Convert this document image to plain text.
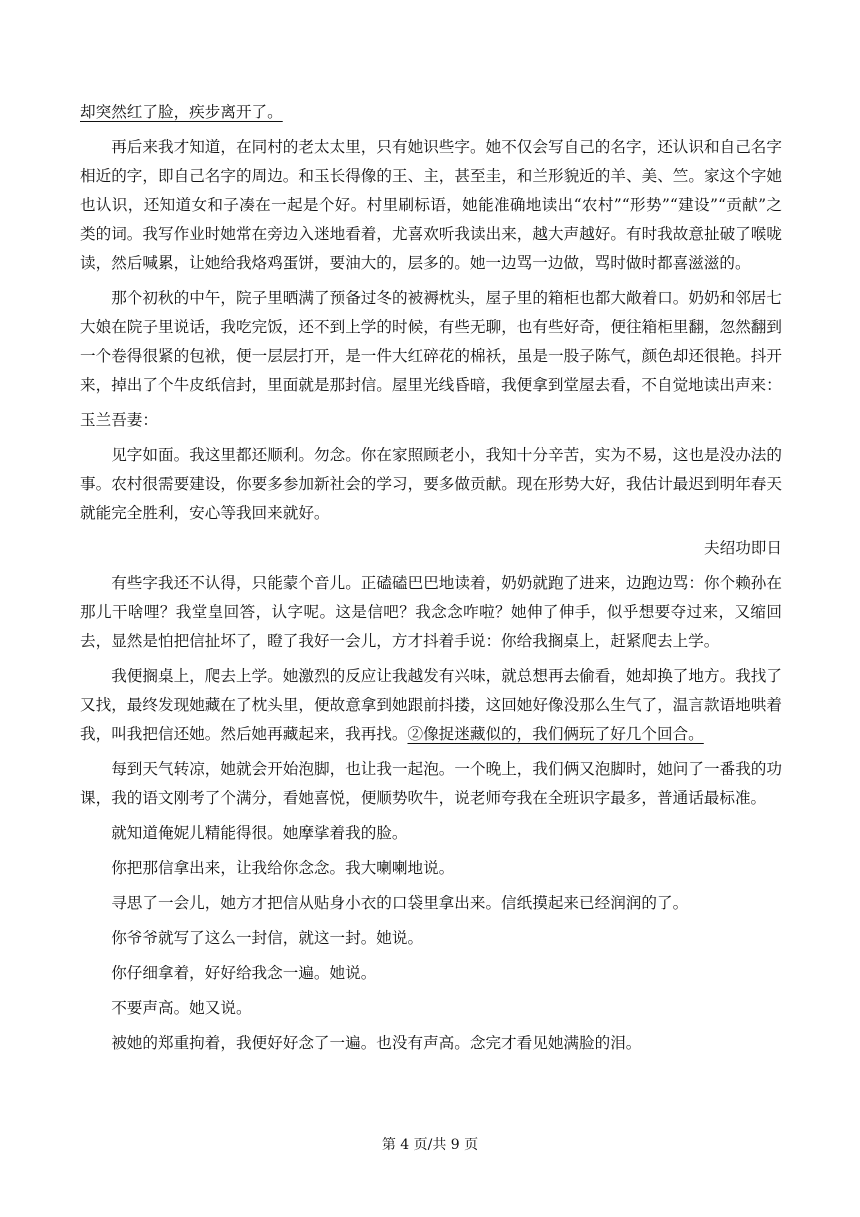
却突然红了脸，疾步离开了。

再后来我才知道，在同村的老太太里，只有她识些字。她不仅会写自己的名字，还认识和自己名字相近的字，即自己名字的周边。和玉长得像的王、主，甚至圭，和兰形貌近的羊、美、竺。家这个字她也认识，还知道女和子凑在一起是个好。村里刷标语，她能准确地读出“农村”“形势”“建设”“贡献”之类的词。我写作业时她常在旁边入迷地看着，尤喜欢听我读出来，越大声越好。有时我故意扯破了喉咙读，然后喊累，让她给我烙鸡蛋饼，要油大的，层多的。她一边骂一边做，骂时做时都喜滋滋的。

那个初秋的中午，院子里晒满了预备过冬的被褥枕头，屋子里的箱柜也都大敞着口。奶奶和邻居七大娘在院子里说话，我吃完饭，还不到上学的时候，有些无聊，也有些好奇，便往箱柜里翻，忽然翻到一个卷得很紧的包袱，便一层层打开，是一件大红碎花的棉袄，虽是一股子陈气，颜色却还很艳。抖开来，掉出了个牛皮纸信封，里面就是那封信。屋里光线昏暗，我便拿到堂屋去看，不自觉地读出声来：

玉兰吾妻：

见字如面。我这里都还顺利。勿念。你在家照顾老小，我知十分辛苦，实为不易，这也是没办法的事。农村很需要建设，你要多参加新社会的学习，要多做贡献。现在形势大好，我估计最迟到明年春天就能完全胜利，安心等我回来就好。

夫绍功即日

有些字我还不认得，只能蒙个音儿。正磕磕巴巴地读着，奶奶就跑了进来，边跑边骂：你个赖孙在那儿干啥哩？我堂皇回答，认字呢。这是信吧？我念念咋啦？她伸了伸手，似乎想要夺过来，又缩回去，显然是怕把信扯坏了，瞪了我好一会儿，方才抖着手说：你给我搁桌上，赶紧爬去上学。

我便搁桌上，爬去上学。她激烈的反应让我越发有兴味，就总想再去偷看，她却换了地方。我找了又找，最终发现她藏在了枕头里，便故意拿到她跟前抖搂，这回她好像没那么生气了，温言款语地哄着我，叫我把信还她。然后她再藏起来，我再找。②像捉迷藏似的，我们俩玩了好几个回合。

每到天气转凉，她就会开始泡脚，也让我一起泡。一个晚上，我们俩又泡脚时，她问了一番我的功课，我的语文刚考了个满分，看她喜悦，便顺势吹牛，说老师夸我在全班识字最多，普通话最标准。

就知道俺妮儿精能得很。她摩挲着我的脸。

你把那信拿出来，让我给你念念。我大喇喇地说。

寻思了一会儿，她方才把信从贴身小衣的口袋里拿出来。信纸摸起来已经润润的了。

你爷爷就写了这么一封信，就这一封。她说。

你仔细拿着，好好给我念一遍。她说。

不要声高。她又说。

被她的郑重拘着，我便好好念了一遍。也没有声高。念完才看见她满脸的泪。

第 4 页/共 9 页
